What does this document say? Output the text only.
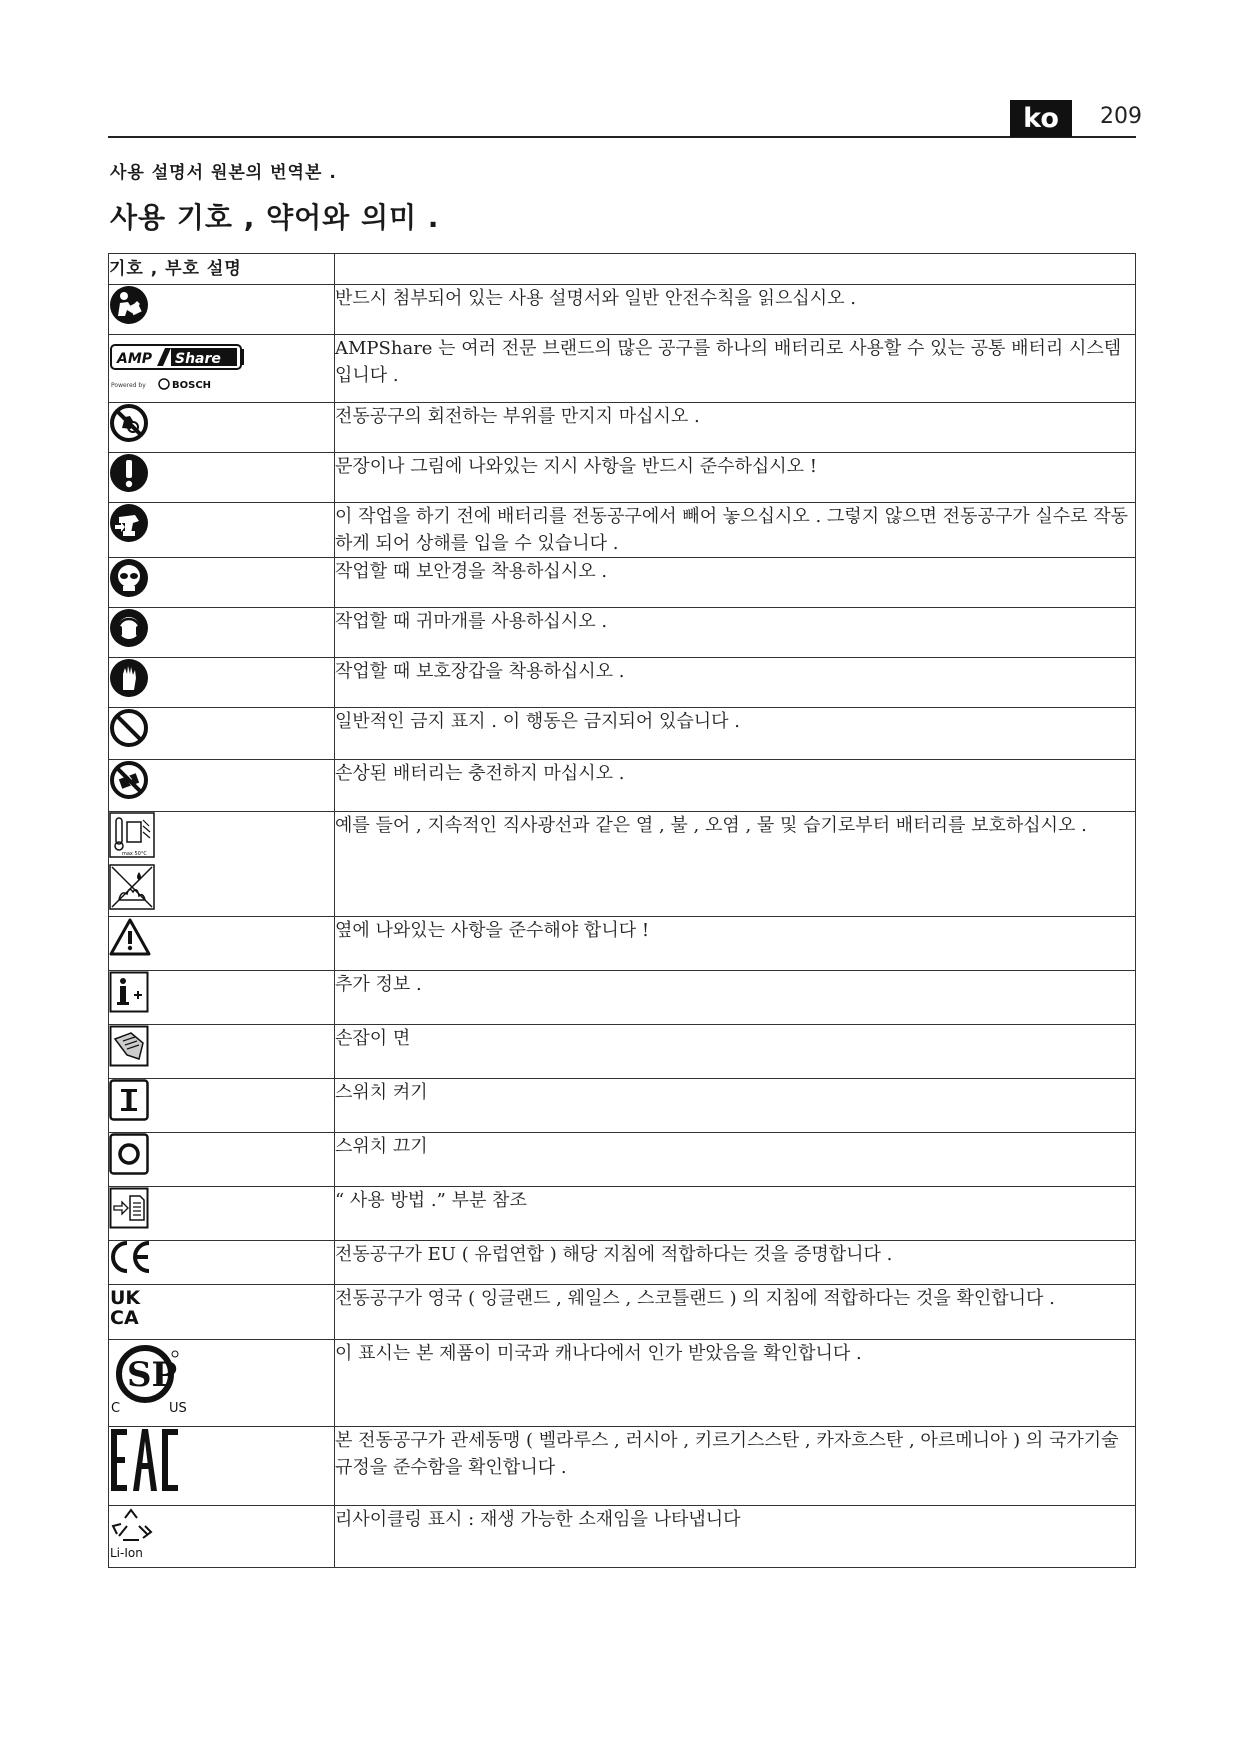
ko	209
사용 설명서 원본의 번역본 .
사용 기호 , 약어와 의미 .
기호 , 부호 설명	

	반드시 첨부되어 있는 사용 설명서와 일반 안전수칙을 읽으십시오 .

AMP Share
Powered by BOSCH	AMPShare 는 여러 전문 브랜드의 많은 공구를 하나의 배터리로 사용할 수 있는 공통 배터리 시스템입니다 .

	전동공구의 회전하는 부위를 만지지 마십시오 .

	문장이나 그림에 나와있는 지시 사항을 반드시 준수하십시오 !

	이 작업을 하기 전에 배터리를 전동공구에서 빼어 놓으십시오 . 그렇지 않으면 전동공구가 실수로 작동하게 되어 상해를 입을 수 있습니다 .

	작업할 때 보안경을 착용하십시오 .

	작업할 때 귀마개를 사용하십시오 .

	작업할 때 보호장갑을 착용하십시오 .

	일반적인 금지 표지 . 이 행동은 금지되어 있습니다 .

	손상된 배터리는 충전하지 마십시오 .

max 50°C	예를 들어 , 지속적인 직사광선과 같은 열 , 불 , 오염 , 물 및 습기로부터 배터리를 보호하십시오 .

	옆에 나와있는 사항을 준수해야 합니다 !

	추가 정보 .

	손잡이 면

	스위치 켜기

	스위치 끄기

	“ 사용 방법 .” 부분 참조

	전동공구가 EU ( 유럽연합 ) 해당 지침에 적합하다는 것을 증명합니다 .

UK
CA	전동공구가 영국 ( 잉글랜드 , 웨일스 , 스코틀랜드 ) 의 지침에 적합하다는 것을 확인합니다 .

SP
C US	이 표시는 본 제품이 미국과 캐나다에서 인가 받았음을 확인합니다 .

	본 전동공구가 관세동맹 ( 벨라루스 , 러시아 , 키르기스스탄 , 카자흐스탄 , 아르메니아 ) 의 국가기술규정을 준수함을 확인합니다 .

Li-Ion	리사이클링 표시 : 재생 가능한 소재임을 나타냅니다
